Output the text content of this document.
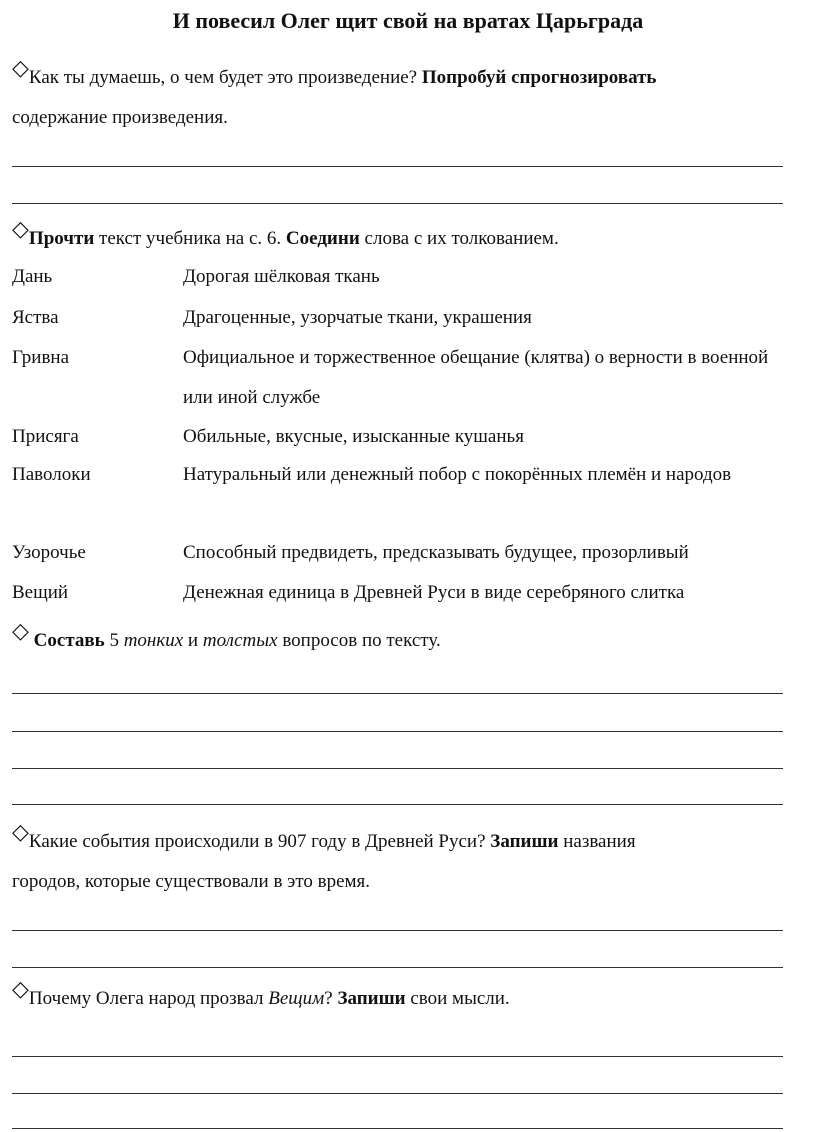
И повесил Олег щит свой на вратах Царьграда
◇Как ты думаешь, о чем будет это произведение? Попробуй спрогнозировать
содержание произведения.
◇Прочти текст учебника на с. 6. Соедини слова с их толкованием.
Дань
Яства
Гривна
Присяга
Паволоки
Узорочье
Вещий
Дорогая шёлковая ткань
Драгоценные, узорчатые ткани, украшения
Официальное и торжественное обещание (клятва) о верности в военной или иной службе
Обильные, вкусные, изысканные кушанья
Натуральный или денежный побор с покорённых племён и народов
Способный предвидеть, предсказывать будущее, прозорливый
Денежная единица в Древней Руси в виде серебряного слитка
◇ Составь 5 тонких и толстых вопросов по тексту.
◇Какие события происходили в 907 году в Древней Руси? Запиши названия
городов, которые существовали в это время.
◇Почему Олега народ прозвал Вещим? Запиши свои мысли.
